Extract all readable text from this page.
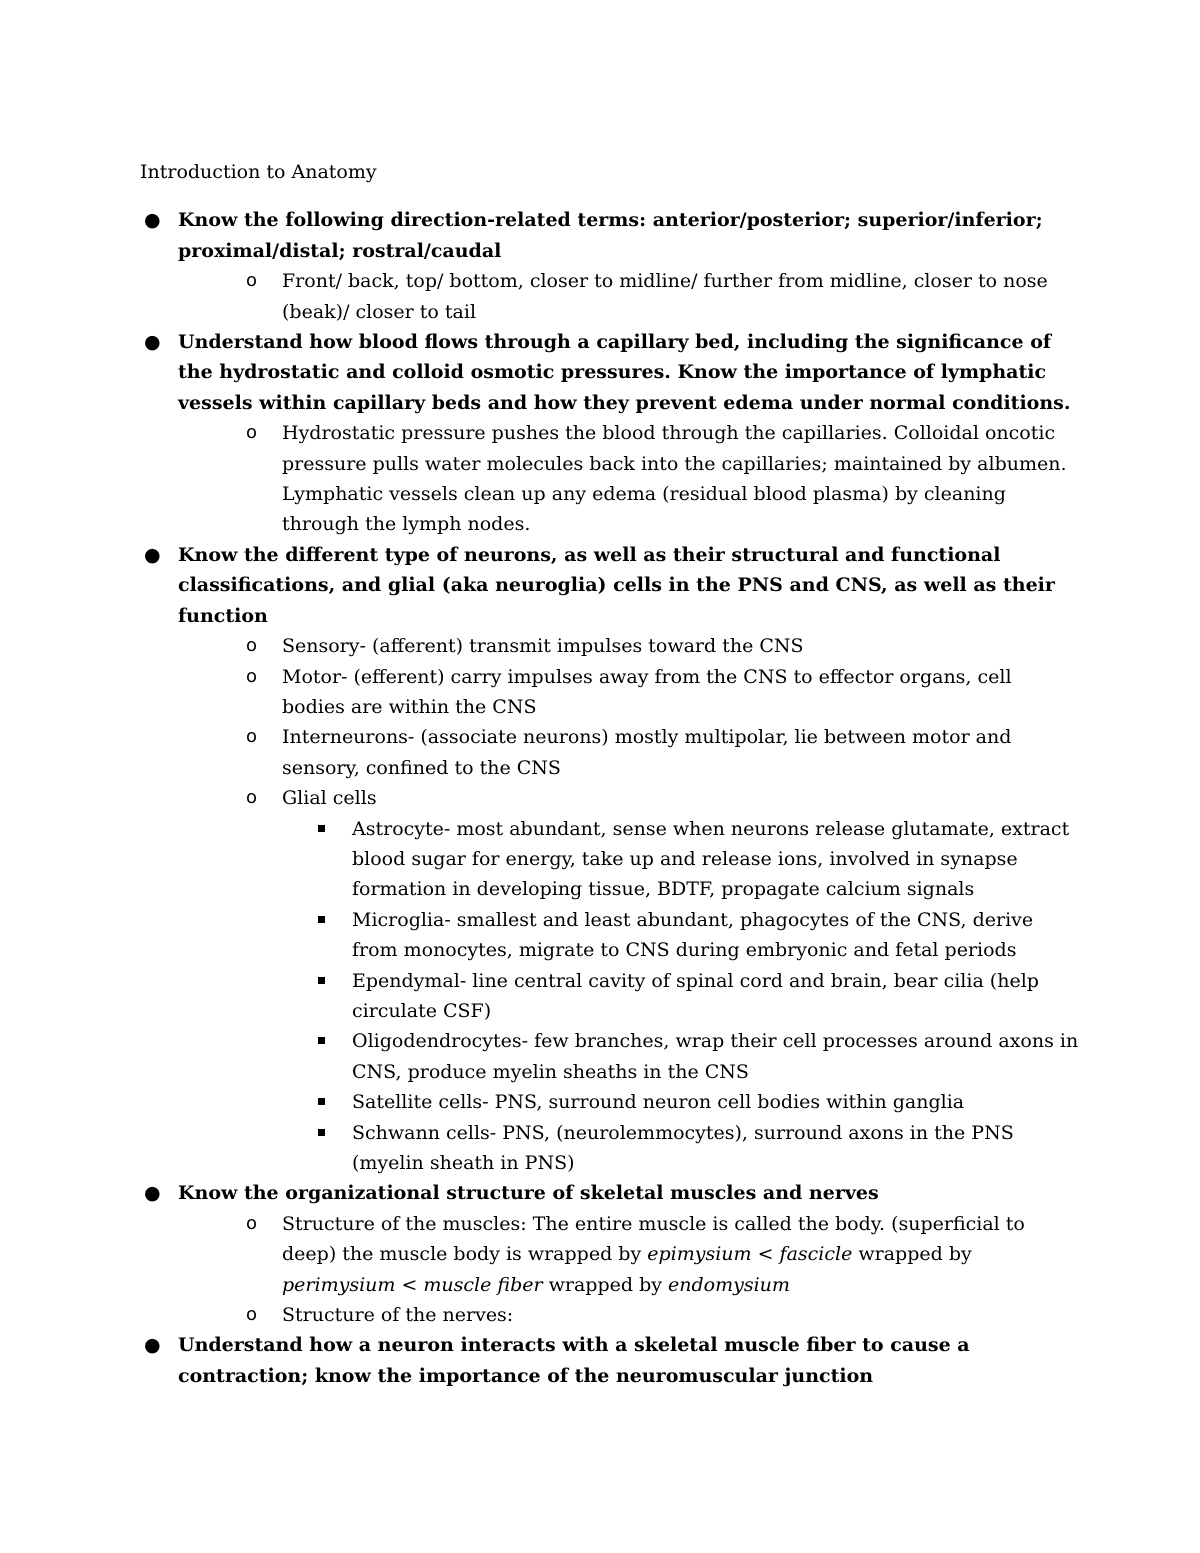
Introduction to Anatomy

● Know the following direction-related terms: anterior/posterior; superior/inferior; proximal/distal; rostral/caudal
o	Front/ back, top/ bottom, closer to midline/ further from midline, closer to nose (beak)/ closer to tail
● Understand how blood flows through a capillary bed, including the significance of the hydrostatic and colloid osmotic pressures. Know the importance of lymphatic vessels within capillary beds and how they prevent edema under normal conditions.
o	Hydrostatic pressure pushes the blood through the capillaries. Colloidal oncotic pressure pulls water molecules back into the capillaries; maintained by albumen. Lymphatic vessels clean up any edema (residual blood plasma) by cleaning through the lymph nodes.
● Know the different type of neurons, as well as their structural and functional classifications, and glial (aka neuroglia) cells in the PNS and CNS, as well as their function
o	Sensory- (afferent) transmit impulses toward the CNS
o	Motor- (efferent) carry impulses away from the CNS to effector organs, cell bodies are within the CNS
o	Interneurons- (associate neurons) mostly multipolar, lie between motor and sensory, confined to the CNS
o	Glial cells
Astrocyte- most abundant, sense when neurons release glutamate, extract blood sugar for energy, take up and release ions, involved in synapse formation in developing tissue, BDTF, propagate calcium signals
Microglia- smallest and least abundant, phagocytes of the CNS, derive from monocytes, migrate to CNS during embryonic and fetal periods
Ependymal- line central cavity of spinal cord and brain, bear cilia (help circulate CSF)
Oligodendrocytes- few branches, wrap their cell processes around axons in CNS, produce myelin sheaths in the CNS
Satellite cells- PNS, surround neuron cell bodies within ganglia
Schwann cells- PNS, (neurolemmocytes), surround axons in the PNS (myelin sheath in PNS)
● Know the organizational structure of skeletal muscles and nerves
o	Structure of the muscles: The entire muscle is called the body. (superficial to deep) the muscle body is wrapped by epimysium < fascicle wrapped by perimysium < muscle fiber wrapped by endomysium
o	Structure of the nerves:
● Understand how a neuron interacts with a skeletal muscle fiber to cause a contraction; know the importance of the neuromuscular junction
